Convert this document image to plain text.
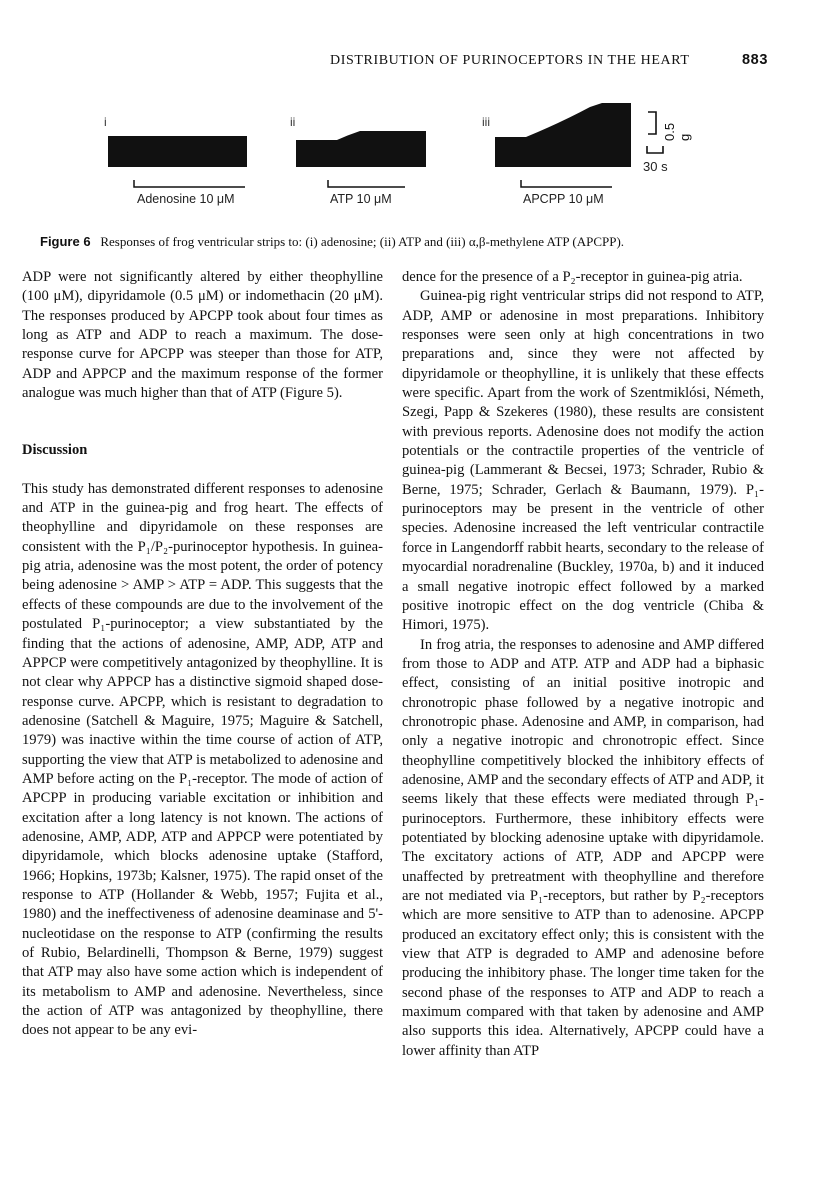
DISTRIBUTION OF PURINOCEPTORS IN THE HEART	883
i	ii	iii
Adenosine 10 μM	ATP 10 μM	APCPP 10 μM
0.5 g
30 s
Figure 6 Responses of frog ventricular strips to: (i) adenosine; (ii) ATP and (iii) α,β-methylene ATP (APCPP).

ADP were not significantly altered by either theophylline (100 μM), dipyridamole (0.5 μM) or indomethacin (20 μM). The responses produced by APCPP took about four times as long as ATP and ADP to reach a maximum. The dose-response curve for APCPP was steeper than those for ATP, ADP and APPCP and the maximum response of the former analogue was much higher than that of ATP (Figure 5).

Discussion

This study has demonstrated different responses to adenosine and ATP in the guinea-pig and frog heart. The effects of theophylline and dipyridamole on these responses are consistent with the P₁/P₂-purinoceptor hypothesis. In guinea-pig atria, adenosine was the most potent, the order of potency being adenosine > AMP > ATP = ADP. This suggests that the effects of these compounds are due to the involvement of the postulated P₁-purinoceptor; a view substantiated by the finding that the actions of adenosine, AMP, ADP, ATP and APPCP were competitively antagonized by theophylline. It is not clear why APPCP has a distinctive sigmoid shaped dose-response curve. APCPP, which is resistant to degradation to adenosine (Satchell & Maguire, 1975; Maguire & Satchell, 1979) was inactive within the time course of action of ATP, supporting the view that ATP is metabolized to adenosine and AMP before acting on the P₁-receptor. The mode of action of APCPP in producing variable excitation or inhibition and excitation after a long latency is not known. The actions of adenosine, AMP, ADP, ATP and APPCP were potentiated by dipyridamole, which blocks adenosine uptake (Stafford, 1966; Hopkins, 1973b; Kalsner, 1975). The rapid onset of the response to ATP (Hollander & Webb, 1957; Fujita et al., 1980) and the ineffectiveness of adenosine deaminase and 5'-nucleotidase on the response to ATP (confirming the results of Rubio, Belardinelli, Thompson & Berne, 1979) suggest that ATP may also have some action which is independent of its metabolism to AMP and adenosine. Nevertheless, since the action of ATP was antagonized by theophylline, there does not appear to be any evi-

dence for the presence of a P₂-receptor in guinea-pig atria.

Guinea-pig right ventricular strips did not respond to ATP, ADP, AMP or adenosine in most preparations. Inhibitory responses were seen only at high concentrations in two preparations and, since they were not affected by dipyridamole or theophylline, it is unlikely that these effects were specific. Apart from the work of Szentmiklósi, Németh, Szegi, Papp & Szekeres (1980), these results are consistent with previous reports. Adenosine does not modify the action potentials or the contractile properties of the ventricle of guinea-pig (Lammerant & Becsei, 1973; Schrader, Rubio & Berne, 1975; Schrader, Gerlach & Baumann, 1979). P₁-purinoceptors may be present in the ventricle of other species. Adenosine increased the left ventricular contractile force in Langendorff rabbit hearts, secondary to the release of myocardial noradrenaline (Buckley, 1970a, b) and it induced a small negative inotropic effect followed by a marked positive inotropic effect on the dog ventricle (Chiba & Himori, 1975).

In frog atria, the responses to adenosine and AMP differed from those to ADP and ATP. ATP and ADP had a biphasic effect, consisting of an initial positive inotropic and chronotropic phase followed by a negative inotropic and chronotropic phase. Adenosine and AMP, in comparison, had only a negative inotropic and chronotropic effect. Since theophylline competitively blocked the inhibitory effects of adenosine, AMP and the secondary effects of ATP and ADP, it seems likely that these effects were mediated through P₁-purinoceptors. Furthermore, these inhibitory effects were potentiated by blocking adenosine uptake with dipyridamole. The excitatory actions of ATP, ADP and APCPP were unaffected by pretreatment with theophylline and therefore are not mediated via P₁-receptors, but rather by P₂-receptors which are more sensitive to ATP than to adenosine. APCPP produced an excitatory effect only; this is consistent with the view that ATP is degraded to AMP and adenosine before producing the inhibitory phase. The longer time taken for the second phase of the responses to ATP and ADP to reach a maximum compared with that taken by adenosine and AMP also supports this idea. Alternatively, APCPP could have a lower affinity than ATP
